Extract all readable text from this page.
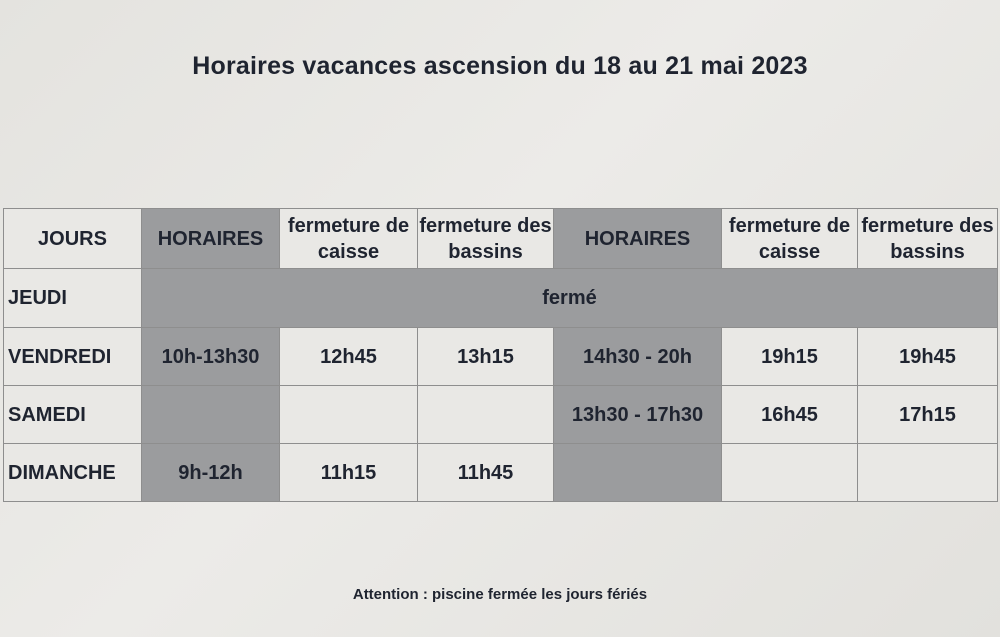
Horaires vacances ascension du 18 au 21 mai 2023
JOURS	HORAIRES	fermeture de caisse	fermeture des bassins	HORAIRES	fermeture de caisse	fermeture des bassins
JEUDI	fermé					
VENDREDI	10h-13h30	12h45	13h15	14h30 - 20h	19h15	19h45
SAMEDI				13h30 - 17h30	16h45	17h15
DIMANCHE	9h-12h	11h15	11h45			
Attention : piscine fermée les jours fériés
